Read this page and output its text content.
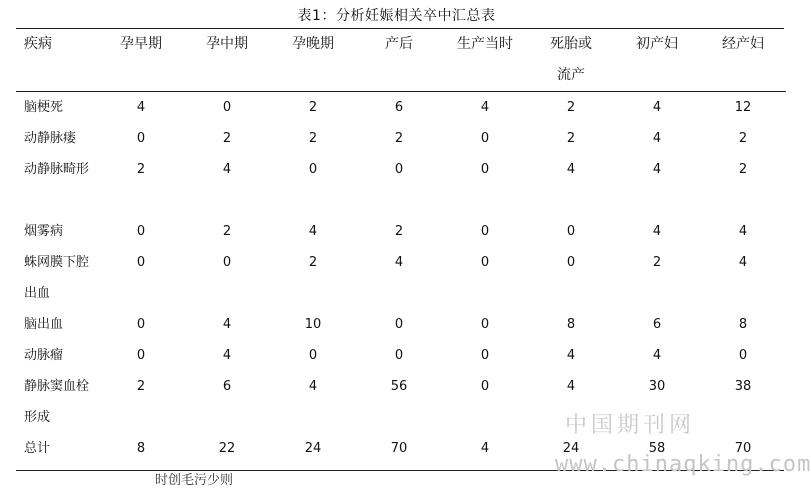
表1：分析妊娠相关卒中汇总表
疾病	孕早期	孕中期	孕晚期	产后	生产当时	死胎或流产	初产妇	经产妇
脑梗死	4	0	2	6	4	2	4	12
动静脉瘘	0	2	2	2	0	2	4	2
动静脉畸形	2	4	0	0	0	4	4	2
烟雾病	0	2	4	2	0	0	4	4
蛛网膜下腔出血	0	0	2	4	0	0	2	4
脑出血	0	4	10	0	0	8	6	8
动脉瘤	0	4	0	0	0	4	4	0
静脉窦血栓形成	2	6	4	56	0	4	30	38
总计	8	22	24	70	4	24	58	70
中国期刊网
www.chinaqking.com
时创毛污少则
